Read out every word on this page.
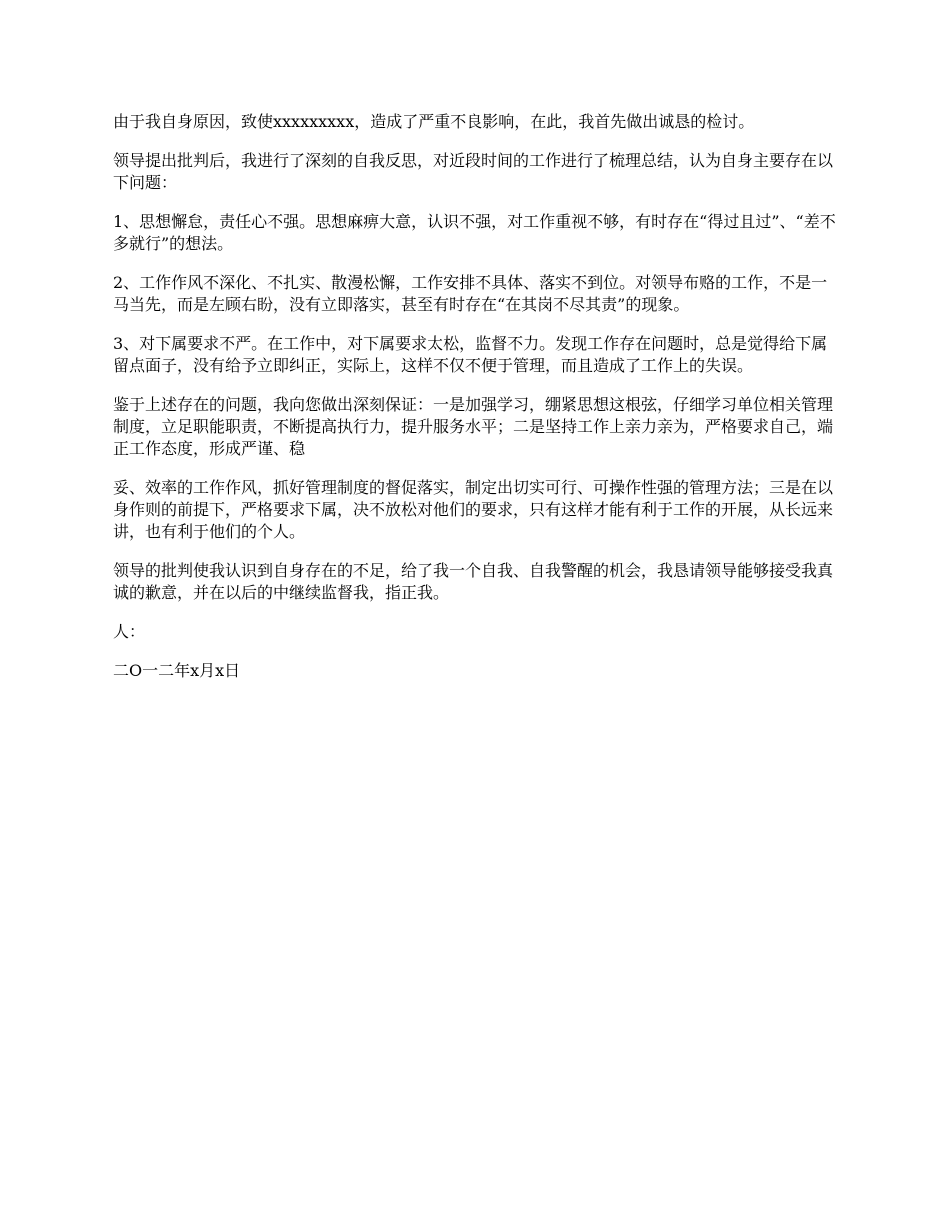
由于我自身原因，致使xxxxxxxxx，造成了严重不良影响，在此，我首先做出诚恳的检讨。

领导提出批判后，我进行了深刻的自我反思，对近段时间的工作进行了梳理总结，认为自身主要存在以下问题：

1、思想懈怠，责任心不强。思想麻痹大意，认识不强，对工作重视不够，有时存在“得过且过”、“差不多就行”的想法。

2、工作作风不深化、不扎实、散漫松懈，工作安排不具体、落实不到位。对领导布赂的工作，不是一马当先，而是左顾右盼，没有立即落实，甚至有时存在“在其岗不尽其责”的现象。

3、对下属要求不严。在工作中，对下属要求太松，监督不力。发现工作存在问题时，总是觉得给下属留点面子，没有给予立即纠正，实际上，这样不仅不便于管理，而且造成了工作上的失误。

鉴于上述存在的问题，我向您做出深刻保证：一是加强学习，绷紧思想这根弦，仔细学习单位相关管理制度，立足职能职责，不断提高执行力，提升服务水平；二是坚持工作上亲力亲为，严格要求自己，端正工作态度，形成严谨、稳

妥、效率的工作作风，抓好管理制度的督促落实，制定出切实可行、可操作性强的管理方法；三是在以身作则的前提下，严格要求下属，决不放松对他们的要求，只有这样才能有利于工作的开展，从长远来讲，也有利于他们的个人。

领导的批判使我认识到自身存在的不足，给了我一个自我、自我警醒的机会，我恳请领导能够接受我真诚的歉意，并在以后的中继续监督我，指正我。

人：

二O一二年x月x日
